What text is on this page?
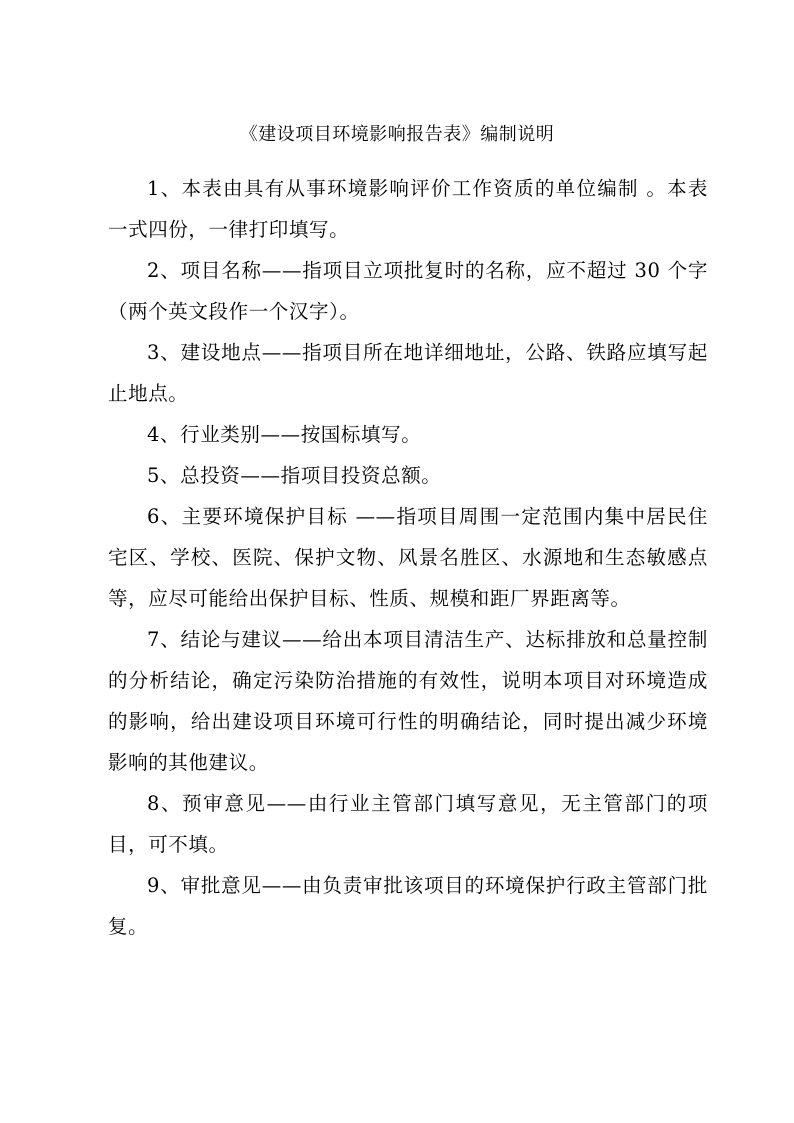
《建设项目环境影响报告表》编制说明

1、本表由具有从事环境影响评价工作资质的单位编制 。本表一式四份，一律打印填写。

2、项目名称——指项目立项批复时的名称，应不超过 30 个字（两个英文段作一个汉字）。

3、建设地点——指项目所在地详细地址，公路、铁路应填写起止地点。

4、行业类别——按国标填写。

5、总投资——指项目投资总额。

6、主要环境保护目标 ——指项目周围一定范围内集中居民住宅区、学校、医院、保护文物、风景名胜区、水源地和生态敏感点等，应尽可能给出保护目标、性质、规模和距厂界距离等。

7、结论与建议——给出本项目清洁生产、达标排放和总量控制的分析结论，确定污染防治措施的有效性，说明本项目对环境造成的影响，给出建设项目环境可行性的明确结论，同时提出减少环境影响的其他建议。

8、预审意见——由行业主管部门填写意见，无主管部门的项目，可不填。

9、审批意见——由负责审批该项目的环境保护行政主管部门批复。
